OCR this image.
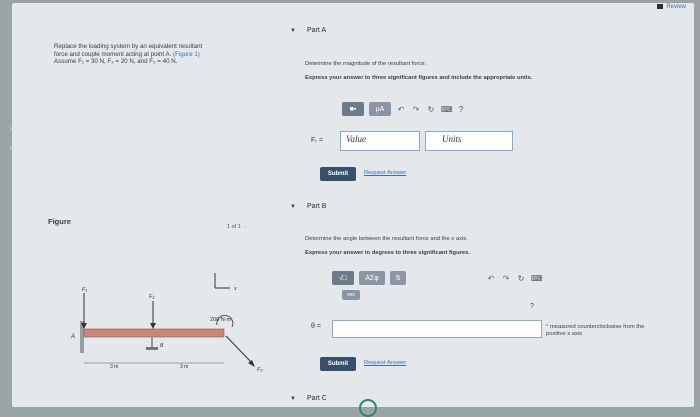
›
›
Replace the loading system by an equivalent resultant
force and couple moment acting at point A. (Figure 1)
Assume F₁ = 30 N, F₂ = 20 N, and F₃ = 40 N.
Figure
1 of 1 ›
x
A
B
F₁
F₂
200 N·m
F₃
3 m	3 m
Review
▼ Part A
Determine the magnitude of the resultant force.
Express your answer to three significant figures and include the appropriate units.
■▪	μA	↶ ↷ ↻ ⌨ ?
Fᵣ =	Value	Units
Submit	Request Answer
▼ Part B
Determine the angle between the resultant force and the x axis.
Express your answer in degrees to three significant figures.
√□	AΣφ	⇅	↶ ↷ ↻ ⌨
vec
?
θ =	° measured counterclockwise from the
positive x axis
Submit	Request Answer
▼ Part C
